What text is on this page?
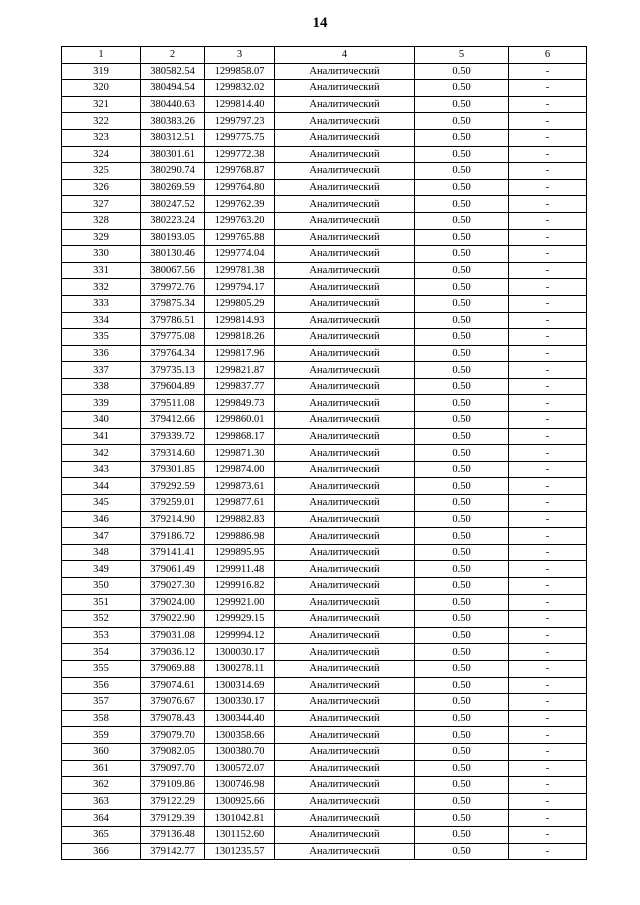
14
1	2	3	4	5	6
319	380582.54	1299858.07	Аналитический	0.50	-
320	380494.54	1299832.02	Аналитический	0.50	-
321	380440.63	1299814.40	Аналитический	0.50	-
322	380383.26	1299797.23	Аналитический	0.50	-
323	380312.51	1299775.75	Аналитический	0.50	-
324	380301.61	1299772.38	Аналитический	0.50	-
325	380290.74	1299768.87	Аналитический	0.50	-
326	380269.59	1299764.80	Аналитический	0.50	-
327	380247.52	1299762.39	Аналитический	0.50	-
328	380223.24	1299763.20	Аналитический	0.50	-
329	380193.05	1299765.88	Аналитический	0.50	-
330	380130.46	1299774.04	Аналитический	0.50	-
331	380067.56	1299781.38	Аналитический	0.50	-
332	379972.76	1299794.17	Аналитический	0.50	-
333	379875.34	1299805.29	Аналитический	0.50	-
334	379786.51	1299814.93	Аналитический	0.50	-
335	379775.08	1299818.26	Аналитический	0.50	-
336	379764.34	1299817.96	Аналитический	0.50	-
337	379735.13	1299821.87	Аналитический	0.50	-
338	379604.89	1299837.77	Аналитический	0.50	-
339	379511.08	1299849.73	Аналитический	0.50	-
340	379412.66	1299860.01	Аналитический	0.50	-
341	379339.72	1299868.17	Аналитический	0.50	-
342	379314.60	1299871.30	Аналитический	0.50	-
343	379301.85	1299874.00	Аналитический	0.50	-
344	379292.59	1299873.61	Аналитический	0.50	-
345	379259.01	1299877.61	Аналитический	0.50	-
346	379214.90	1299882.83	Аналитический	0.50	-
347	379186.72	1299886.98	Аналитический	0.50	-
348	379141.41	1299895.95	Аналитический	0.50	-
349	379061.49	1299911.48	Аналитический	0.50	-
350	379027.30	1299916.82	Аналитический	0.50	-
351	379024.00	1299921.00	Аналитический	0.50	-
352	379022.90	1299929.15	Аналитический	0.50	-
353	379031.08	1299994.12	Аналитический	0.50	-
354	379036.12	1300030.17	Аналитический	0.50	-
355	379069.88	1300278.11	Аналитический	0.50	-
356	379074.61	1300314.69	Аналитический	0.50	-
357	379076.67	1300330.17	Аналитический	0.50	-
358	379078.43	1300344.40	Аналитический	0.50	-
359	379079.70	1300358.66	Аналитический	0.50	-
360	379082.05	1300380.70	Аналитический	0.50	-
361	379097.70	1300572.07	Аналитический	0.50	-
362	379109.86	1300746.98	Аналитический	0.50	-
363	379122.29	1300925.66	Аналитический	0.50	-
364	379129.39	1301042.81	Аналитический	0.50	-
365	379136.48	1301152.60	Аналитический	0.50	-
366	379142.77	1301235.57	Аналитический	0.50	-
